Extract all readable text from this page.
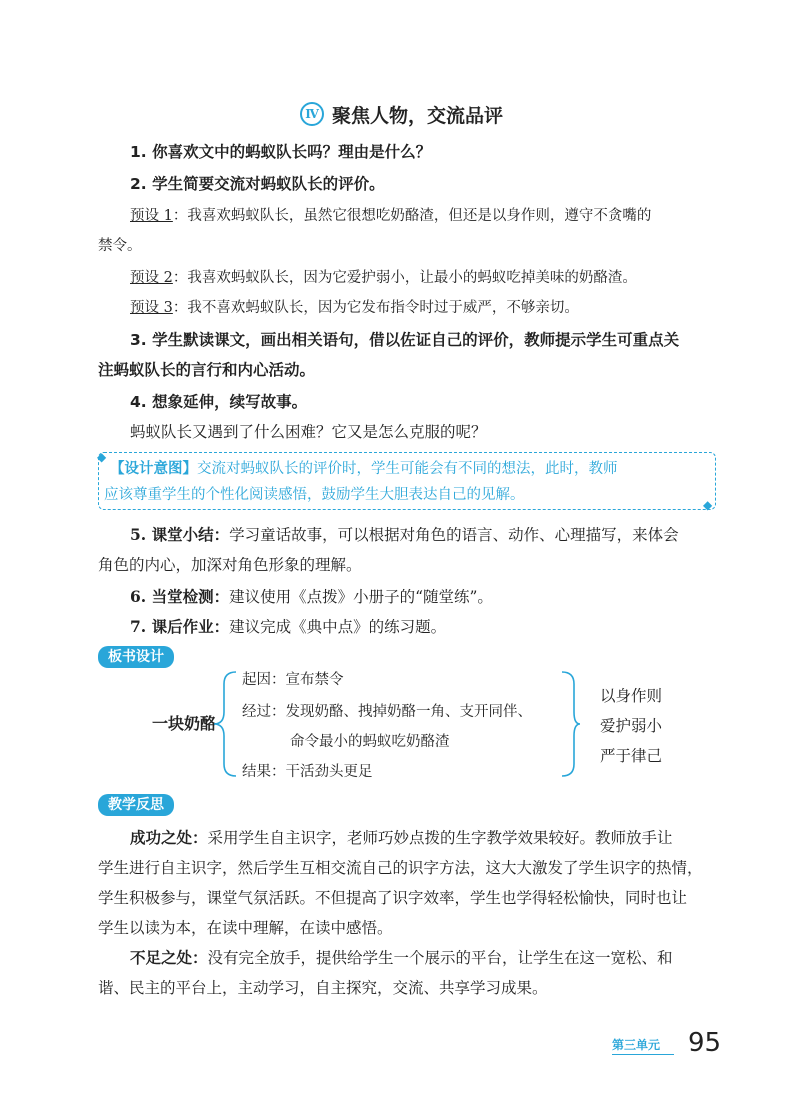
Ⅳ 聚焦人物，交流品评
1. 你喜欢文中的蚂蚁队长吗？理由是什么？
2. 学生简要交流对蚂蚁队长的评价。
预设 1：我喜欢蚂蚁队长，虽然它很想吃奶酪渣，但还是以身作则，遵守不贪嘴的
禁令。
预设 2：我喜欢蚂蚁队长，因为它爱护弱小，让最小的蚂蚁吃掉美味的奶酪渣。
预设 3：我不喜欢蚂蚁队长，因为它发布指令时过于威严，不够亲切。
3. 学生默读课文，画出相关语句，借以佐证自己的评价，教师提示学生可重点关
注蚂蚁队长的言行和内心活动。
4. 想象延伸，续写故事。
蚂蚁队长又遇到了什么困难？它又是怎么克服的呢？
◆
◆
【设计意图】交流对蚂蚁队长的评价时，学生可能会有不同的想法，此时，教师
应该尊重学生的个性化阅读感悟，鼓励学生大胆表达自己的见解。
5. 课堂小结：学习童话故事，可以根据对角色的语言、动作、心理描写，来体会
角色的内心，加深对角色形象的理解。
6. 当堂检测：建议使用《点拨》小册子的“随堂练”。
7. 课后作业：建议完成《典中点》的练习题。
板书设计
一块奶酪
起因：宣布禁令
经过：发现奶酪、拽掉奶酪一角、支开同伴、
命令最小的蚂蚁吃奶酪渣
结果：干活劲头更足
以身作则
爱护弱小
严于律己
教学反思
成功之处：采用学生自主识字，老师巧妙点拨的生字教学效果较好。教师放手让
学生进行自主识字，然后学生互相交流自己的识字方法，这大大激发了学生识字的热情，
学生积极参与，课堂气氛活跃。不但提高了识字效率，学生也学得轻松愉快，同时也让
学生以读为本，在读中理解，在读中感悟。
不足之处：没有完全放手，提供给学生一个展示的平台，让学生在这一宽松、和
谐、民主的平台上，主动学习，自主探究，交流、共享学习成果。
第三单元 95
